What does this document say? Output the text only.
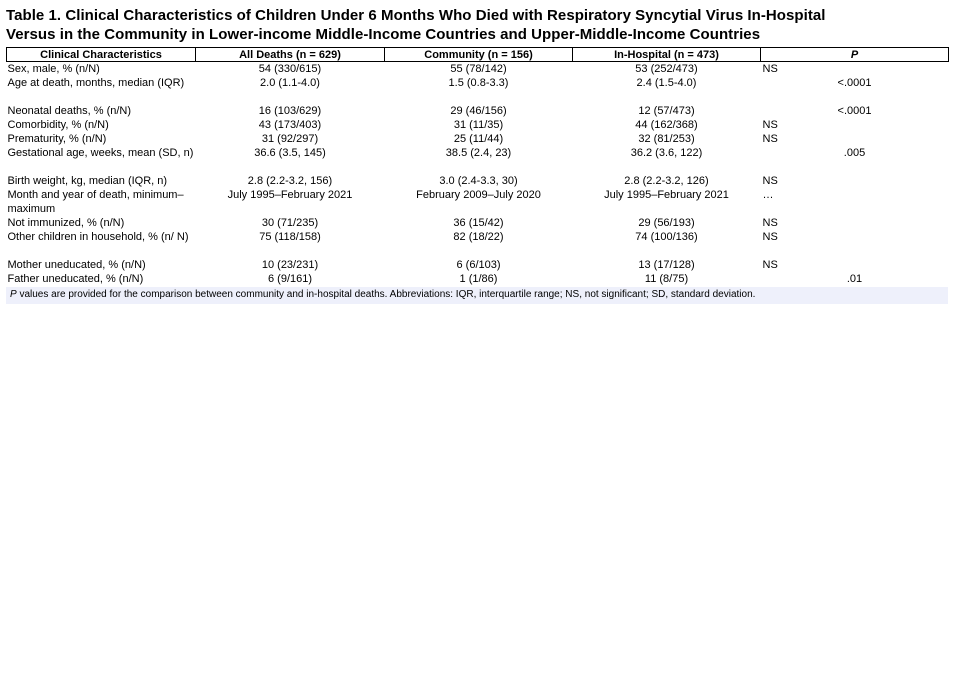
Table 1. Clinical Characteristics of Children Under 6 Months Who Died with Respiratory Syncytial Virus In-Hospital
Versus in the Community in Lower-income Middle-Income Countries and Upper-Middle-Income Countries
Clinical Characteristics	All Deaths (n = 629)	Community (n = 156)	In-Hospital (n = 473)	P
Sex, male, % (n/N)	54 (330/615)	55 (78/142)	53 (252/473)	NS

Age at death, months, median (IQR)	2.0 (1.1-4.0)	1.5 (0.8-3.3)	2.4 (1.5-4.0)	<.0001

Neonatal deaths, % (n/N)	16 (103/629)	29 (46/156)	12 (57/473)	<.0001

Comorbidity, % (n/N)	43 (173/403)	31 (11/35)	44 (162/368)	NS

Prematurity, % (n/N)	31 (92/297)	25 (11/44)	32 (81/253)	NS

Gestational age, weeks, mean (SD, n)	36.6 (3.5, 145)	38.5 (2.4, 23)	36.2 (3.6, 122)	.005

Birth weight, kg, median (IQR, n)	2.8 (2.2-3.2, 156)	3.0 (2.4-3.3, 30)	2.8 (2.2-3.2, 126)	NS

Month and year of death, minimum–maximum	July 1995–February 2021	February 2009–July 2020	July 1995–February 2021	…

Not immunized, % (n/N)	30 (71/235)	36 (15/42)	29 (56/193)	NS

Other children in household, % (n/ N)	75 (118/158)	82 (18/22)	74 (100/136)	NS

Mother uneducated, % (n/N)	10 (23/231)	6 (6/103)	13 (17/128)	NS

Father uneducated, % (n/N)	6 (9/161)	1 (1/86)	11 (8/75)	.01
P values are provided for the comparison between community and in-hospital deaths. Abbreviations: IQR, interquartile range; NS, not significant; SD, standard deviation.
